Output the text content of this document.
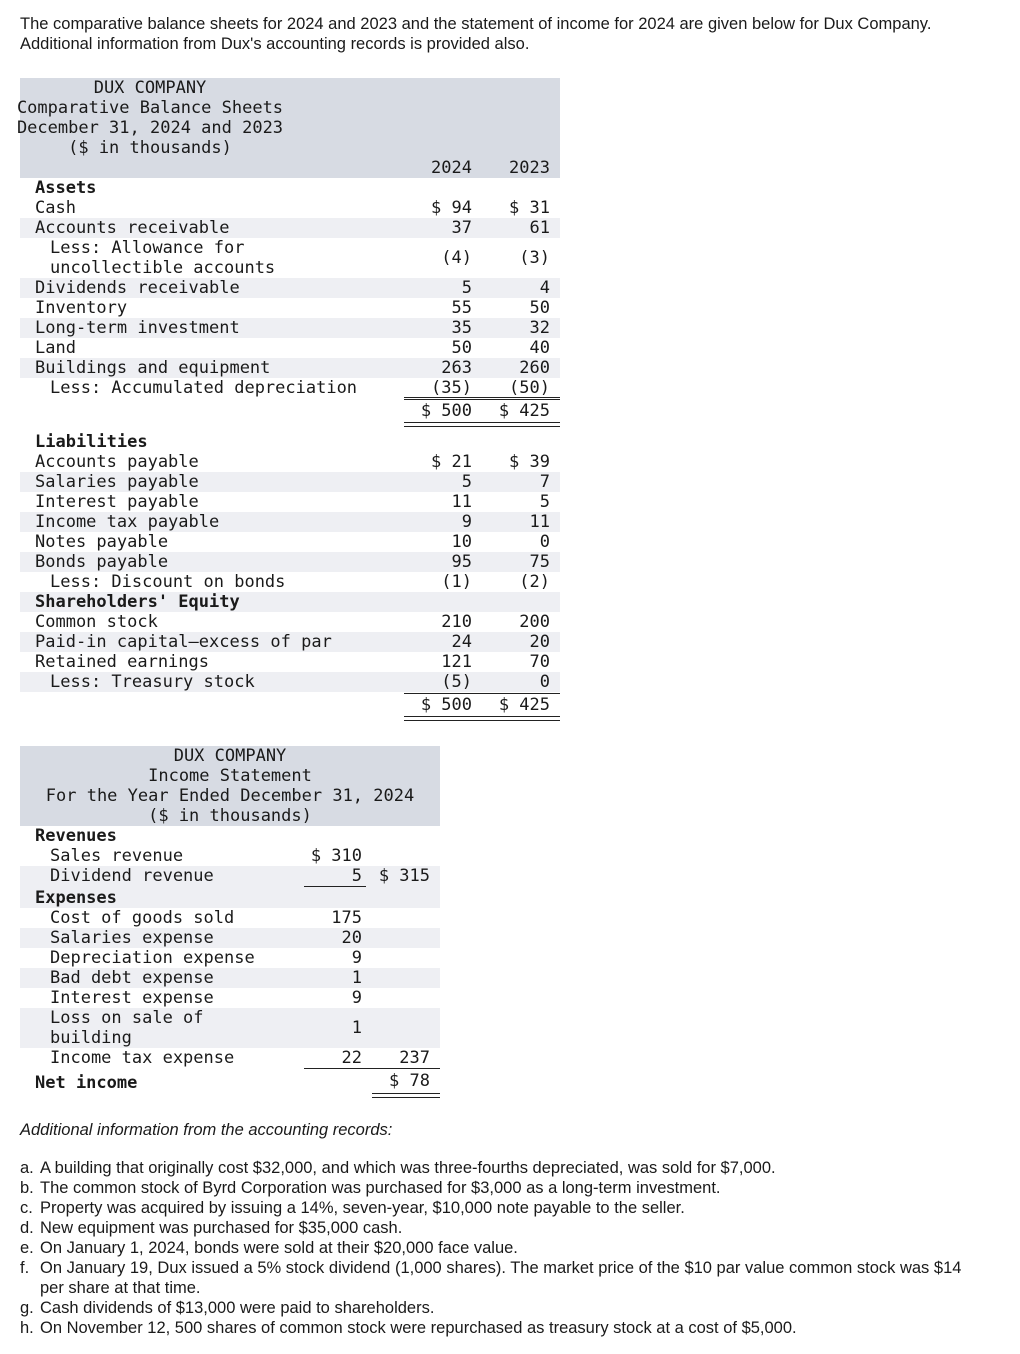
The comparative balance sheets for 2024 and 2023 and the statement of income for 2024 are given below for Dux Company. Additional information from Dux's accounting records is provided also.
DUX COMPANY
Comparative Balance Sheets
December 31, 2024 and 2023
($ in thousands)
2024 2023
Assets
Cash	$ 94 $ 31
Accounts receivable	37	61
Less: Allowance for
uncollectible accounts	(4)	(3)
Dividends receivable	5	4
Inventory	55	50
Long-term investment	35	32
Land	50	40
Buildings and equipment	263	260
Less: Accumulated depreciation	(35) (50)
$ 500 $ 425
Liabilities
Accounts payable	$ 21 $ 39
Salaries payable	5	7
Interest payable	11	5
Income tax payable	9	11
Notes payable	10	0
Bonds payable	95	75
Less: Discount on bonds	(1)	(2)
Shareholders' Equity
Common stock	210	200
Paid-in capital—excess of par	24	20
Retained earnings	121	70
Less: Treasury stock	(5)	0
$ 500 $ 425
DUX COMPANY
Income Statement
For the Year Ended December 31, 2024
($ in thousands)
Revenues
Sales revenue	$ 310
Dividend revenue	5 $ 315
Expenses
Cost of goods sold	175
Salaries expense	20
Depreciation expense	9
Bad debt expense	1
Interest expense	9
Loss on sale of
building	1
Income tax expense	22 237
Net income	$ 78
Additional information from the accounting records:
a. A building that originally cost $32,000, and which was three-fourths depreciated, was sold for $7,000.
b. The common stock of Byrd Corporation was purchased for $3,000 as a long-term investment.
c. Property was acquired by issuing a 14%, seven-year, $10,000 note payable to the seller.
d. New equipment was purchased for $35,000 cash.
e. On January 1, 2024, bonds were sold at their $20,000 face value.
f. On January 19, Dux issued a 5% stock dividend (1,000 shares). The market price of the $10 par value common stock was $14 per share at that time.
g. Cash dividends of $13,000 were paid to shareholders.
h. On November 12, 500 shares of common stock were repurchased as treasury stock at a cost of $5,000.
